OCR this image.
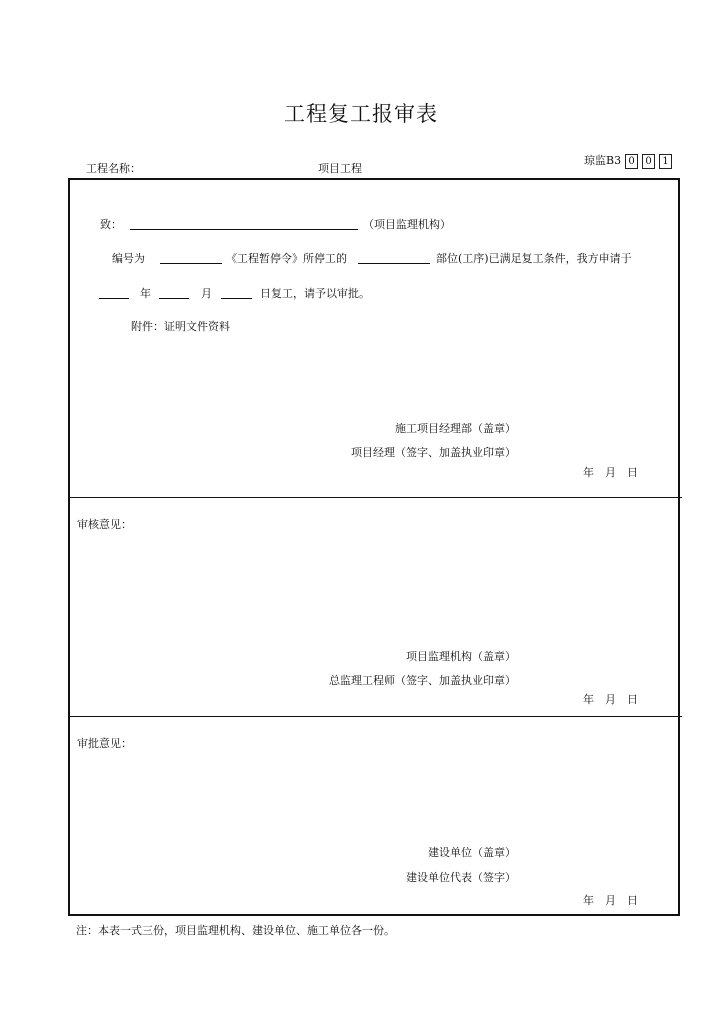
工程复工报审表
工程名称：	项目工程
琼监B3 0 0 1
致：	（项目监理机构）
编号为	《工程暂停令》所停工的	部位(工序)已满足复工条件，我方申请于
年	月	日复工，请予以审批。
附件：证明文件资料
施工项目经理部（盖章）
项目经理（签字、加盖执业印章）
年　月　日
审核意见：
项目监理机构（盖章）
总监理工程师（签字、加盖执业印章）
年　月　日
审批意见：
建设单位（盖章）
建设单位代表（签字）
年　月　日
注：本表一式三份，项目监理机构、建设单位、施工单位各一份。
